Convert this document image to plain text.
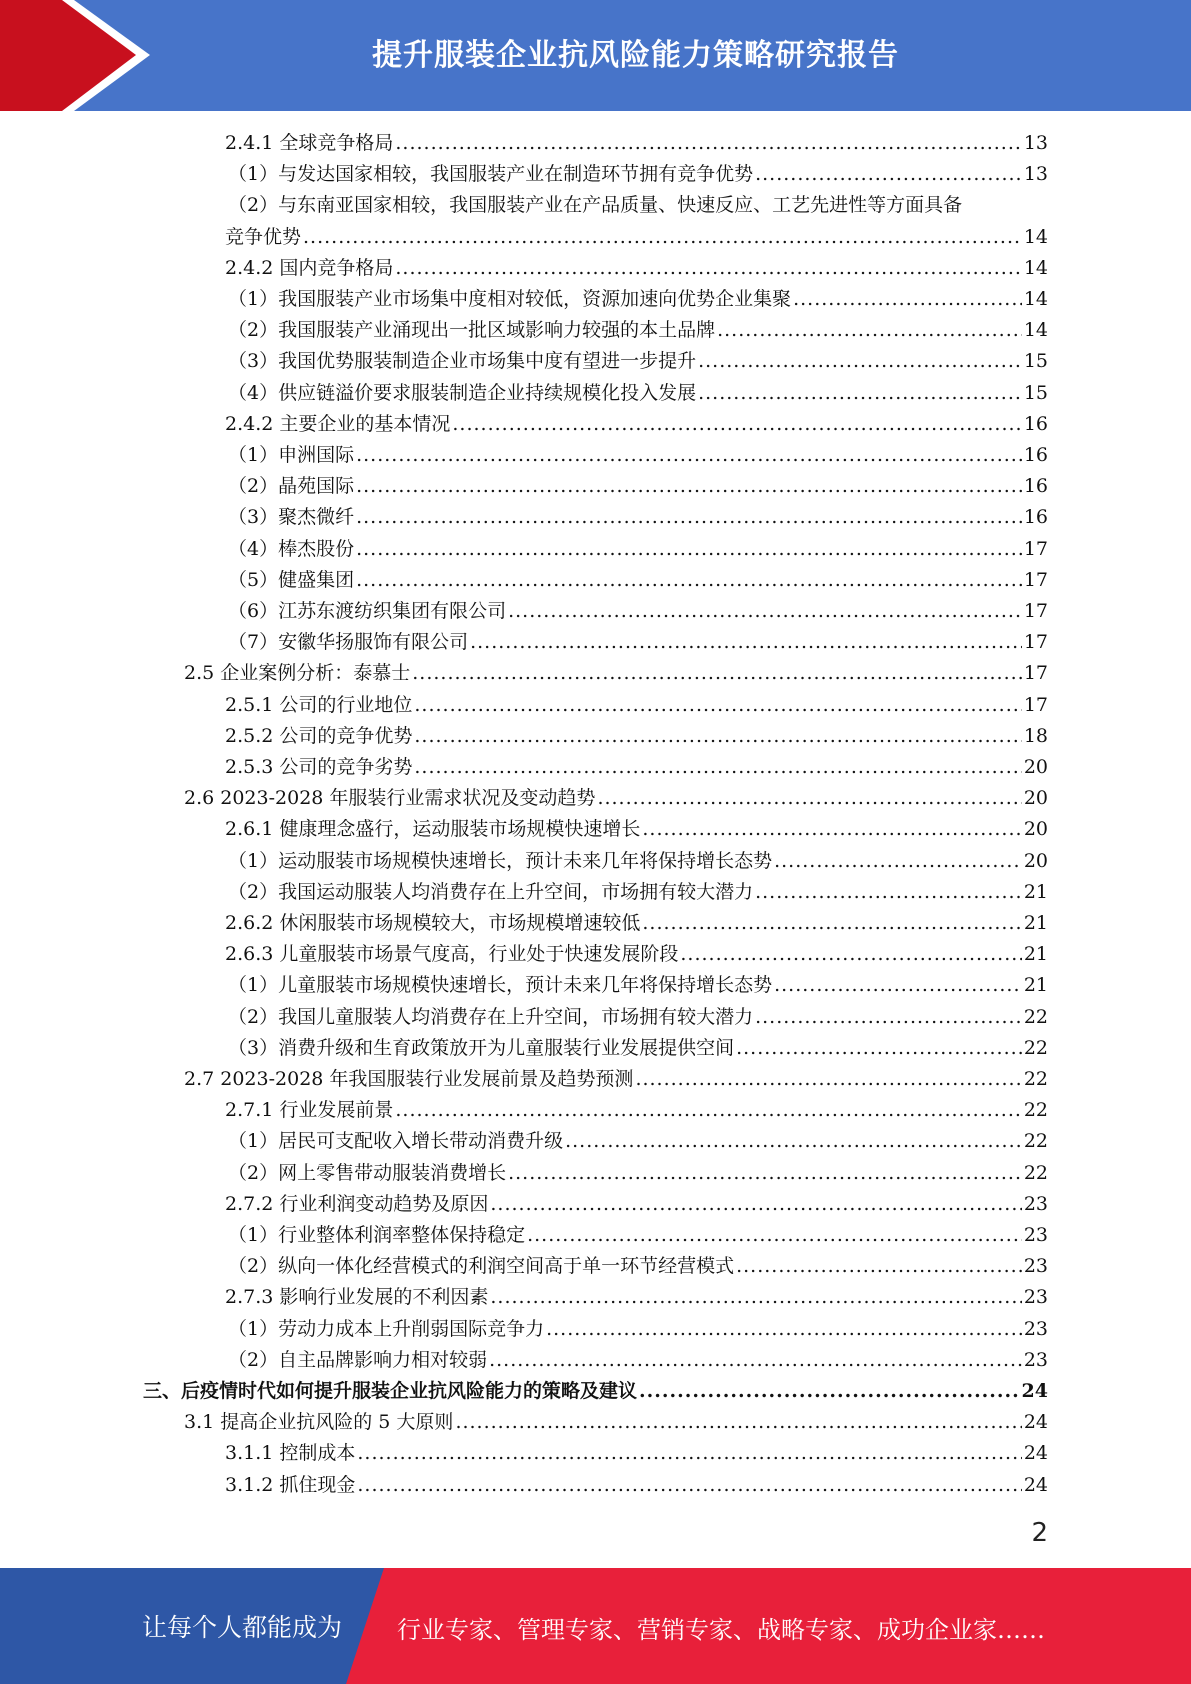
提升服装企业抗风险能力策略研究报告
2.4.1 全球竞争格局 .....	13
（1）与发达国家相较，我国服装产业在制造环节拥有竞争优势 .....	13
（2）与东南亚国家相较，我国服装产业在产品质量、快速反应、工艺先进性等方面具备
竞争优势 .....	14
2.4.2 国内竞争格局 .....	14
（1）我国服装产业市场集中度相对较低，资源加速向优势企业集聚 .....	14
（2）我国服装产业涌现出一批区域影响力较强的本土品牌 .....	14
（3）我国优势服装制造企业市场集中度有望进一步提升 .....	15
（4）供应链溢价要求服装制造企业持续规模化投入发展 .....	15
2.4.2 主要企业的基本情况 .....	16
（1）申洲国际 .....	16
（2）晶苑国际 .....	16
（3）聚杰微纤 .....	16
（4）棒杰股份 .....	17
（5）健盛集团 .....	17
（6）江苏东渡纺织集团有限公司 .....	17
（7）安徽华扬服饰有限公司 .....	17
2.5 企业案例分析：泰慕士 .....	17
2.5.1 公司的行业地位 .....	17
2.5.2 公司的竞争优势 .....	18
2.5.3 公司的竞争劣势 .....	20
2.6 2023-2028 年服装行业需求状况及变动趋势 .....	20
2.6.1 健康理念盛行，运动服装市场规模快速增长 .....	20
（1）运动服装市场规模快速增长，预计未来几年将保持增长态势 .....	20
（2）我国运动服装人均消费存在上升空间，市场拥有较大潜力 .....	21
2.6.2 休闲服装市场规模较大，市场规模增速较低 .....	21
2.6.3 儿童服装市场景气度高，行业处于快速发展阶段 .....	21
（1）儿童服装市场规模快速增长，预计未来几年将保持增长态势 .....	21
（2）我国儿童服装人均消费存在上升空间，市场拥有较大潜力 .....	22
（3）消费升级和生育政策放开为儿童服装行业发展提供空间 .....	22
2.7 2023-2028 年我国服装行业发展前景及趋势预测 .....	22
2.7.1 行业发展前景 .....	22
（1）居民可支配收入增长带动消费升级 .....	22
（2）网上零售带动服装消费增长 .....	22
2.7.2 行业利润变动趋势及原因 .....	23
（1）行业整体利润率整体保持稳定 .....	23
（2）纵向一体化经营模式的利润空间高于单一环节经营模式 .....	23
2.7.3 影响行业发展的不利因素 .....	23
（1）劳动力成本上升削弱国际竞争力 .....	23
（2）自主品牌影响力相对较弱 .....	23
三、后疫情时代如何提升服装企业抗风险能力的策略及建议 .....	24
3.1 提高企业抗风险的 5 大原则 .....	24
3.1.1 控制成本 .....	24
3.1.2 抓住现金 .....	24
2
让每个人都能成为 行业专家、管理专家、营销专家、战略专家、成功企业家……
